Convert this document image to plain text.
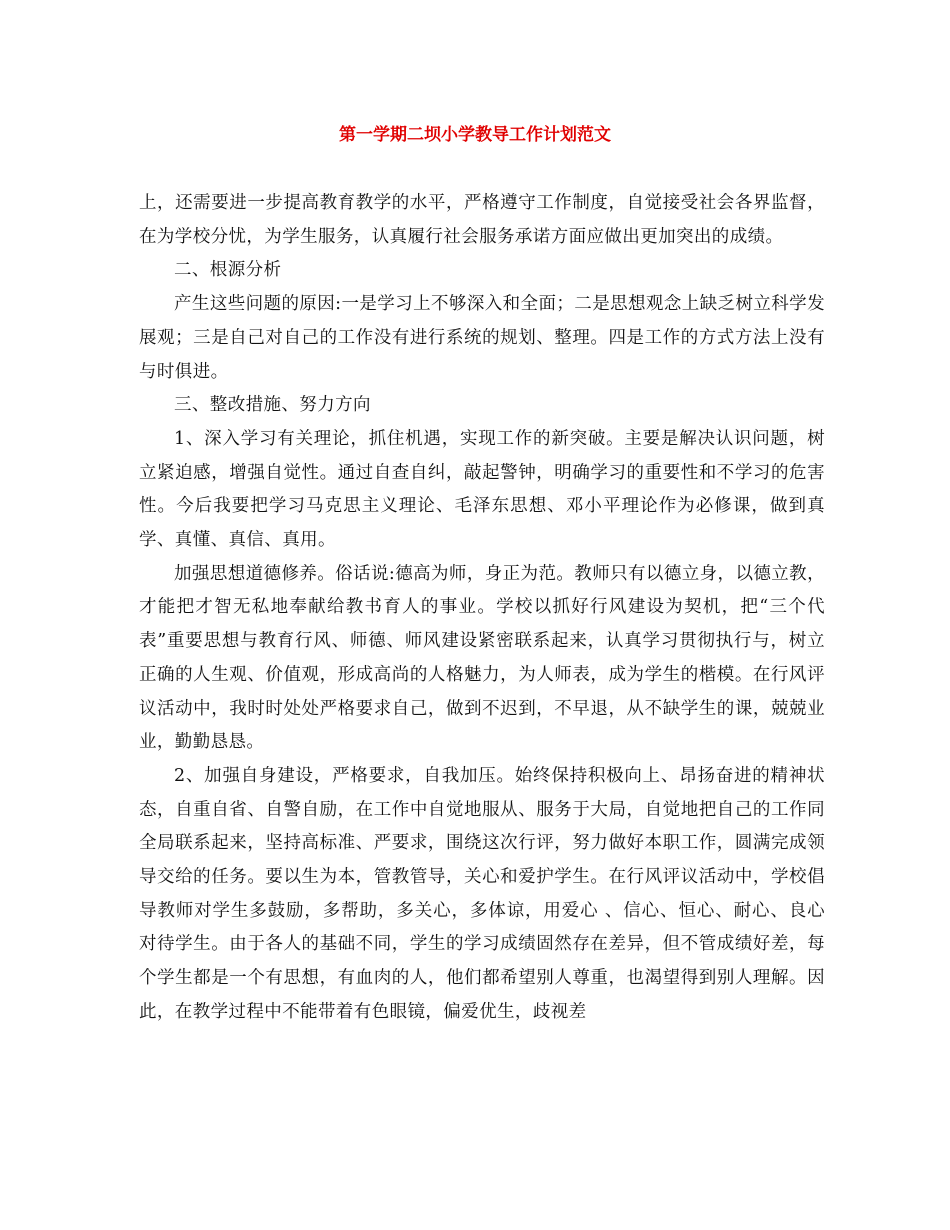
第一学期二坝小学教导工作计划范文

上，还需要进一步提高教育教学的水平，严格遵守工作制度，自觉接受社会各界监督，在为学校分忧，为学生服务，认真履行社会服务承诺方面应做出更加突出的成绩。

二、根源分析

产生这些问题的原因:一是学习上不够深入和全面；二是思想观念上缺乏树立科学发展观；三是自己对自己的工作没有进行系统的规划、整理。四是工作的方式方法上没有与时俱进。

三、整改措施、努力方向

1、深入学习有关理论，抓住机遇，实现工作的新突破。主要是解决认识问题，树立紧迫感，增强自觉性。通过自查自纠，敲起警钟，明确学习的重要性和不学习的危害性。今后我要把学习马克思主义理论、毛泽东思想、邓小平理论作为必修课，做到真学、真懂、真信、真用。

加强思想道德修养。俗话说:德高为师，身正为范。教师只有以德立身，以德立教，才能把才智无私地奉献给教书育人的事业。学校以抓好行风建设为契机，把“三个代表”重要思想与教育行风、师德、师风建设紧密联系起来，认真学习贯彻执行与，树立正确的人生观、价值观，形成高尚的人格魅力，为人师表，成为学生的楷模。在行风评议活动中，我时时处处严格要求自己，做到不迟到，不早退，从不缺学生的课，兢兢业业，勤勤恳恳。

2、加强自身建设，严格要求，自我加压。始终保持积极向上、昂扬奋进的精神状态，自重自省、自警自励，在工作中自觉地服从、服务于大局，自觉地把自己的工作同全局联系起来，坚持高标准、严要求，围绕这次行评，努力做好本职工作，圆满完成领导交给的任务。要以生为本，管教管导，关心和爱护学生。在行风评议活动中，学校倡导教师对学生多鼓励，多帮助，多关心，多体谅，用爱心 、信心、恒心、耐心、良心对待学生。由于各人的基础不同，学生的学习成绩固然存在差异，但不管成绩好差，每个学生都是一个有思想，有血肉的人，他们都希望别人尊重，也渴望得到别人理解。因此，在教学过程中不能带着有色眼镜，偏爱优生，歧视差
